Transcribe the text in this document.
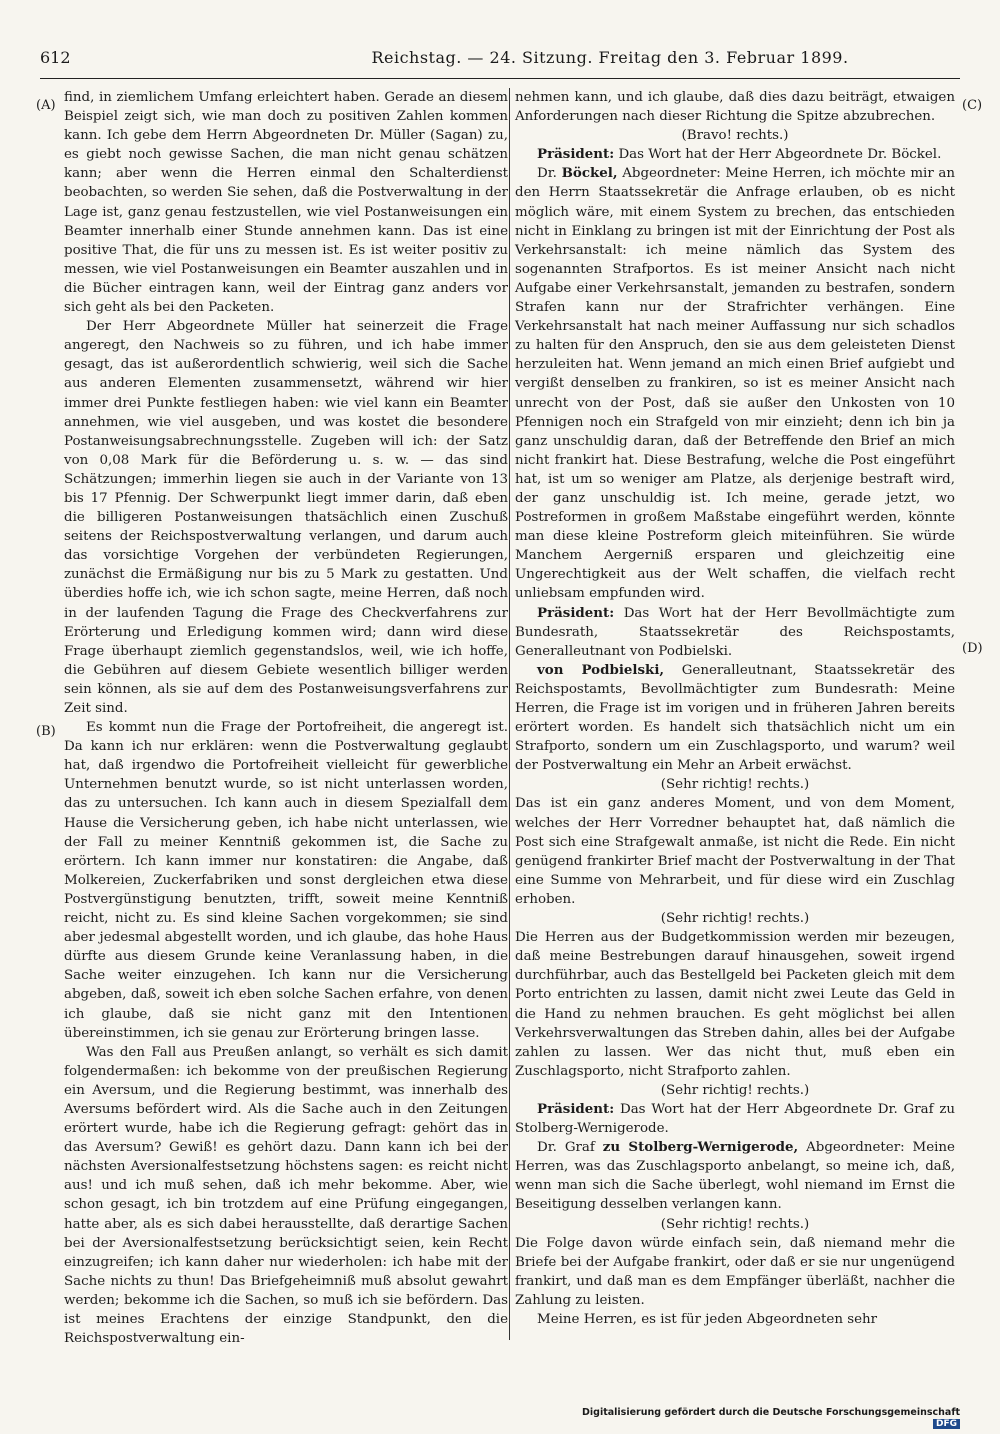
612	Reichstag. — 24. Sitzung. Freitag den 3. Februar 1899.
(A)
(B)
(C)
(D)

find, in ziemlichem Umfang erleichtert haben. Gerade an diesem Beispiel zeigt sich, wie man doch zu positiven Zahlen kommen kann. Ich gebe dem Herrn Abgeordneten Dr. Müller (Sagan) zu, es giebt noch gewisse Sachen, die man nicht genau schätzen kann; aber wenn die Herren einmal den Schalterdienst beobachten, so werden Sie sehen, daß die Postverwaltung in der Lage ist, ganz genau festzustellen, wie viel Postanweisungen ein Beamter innerhalb einer Stunde annehmen kann. Das ist eine positive That, die für uns zu messen ist. Es ist weiter positiv zu messen, wie viel Postanweisungen ein Beamter auszahlen und in die Bücher eintragen kann, weil der Eintrag ganz anders vor sich geht als bei den Packeten.

Der Herr Abgeordnete Müller hat seinerzeit die Frage angeregt, den Nachweis so zu führen, und ich habe immer gesagt, das ist außerordentlich schwierig, weil sich die Sache aus anderen Elementen zusammensetzt, während wir hier immer drei Punkte festliegen haben: wie viel kann ein Beamter annehmen, wie viel ausgeben, und was kostet die besondere Postanweisungsabrechnungsstelle. Zugeben will ich: der Satz von 0,08 Mark für die Beförderung u. s. w. — das sind Schätzungen; immerhin liegen sie auch in der Variante von 13 bis 17 Pfennig. Der Schwerpunkt liegt immer darin, daß eben die billigeren Postanweisungen thatsächlich einen Zuschuß seitens der Reichspostverwaltung verlangen, und darum auch das vorsichtige Vorgehen der verbündeten Regierungen, zunächst die Ermäßigung nur bis zu 5 Mark zu gestatten. Und überdies hoffe ich, wie ich schon sagte, meine Herren, daß noch in der laufenden Tagung die Frage des Checkverfahrens zur Erörterung und Erledigung kommen wird; dann wird diese Frage überhaupt ziemlich gegenstandslos, weil, wie ich hoffe, die Gebühren auf diesem Gebiete wesentlich billiger werden sein können, als sie auf dem des Postanweisungsverfahrens zur Zeit sind.

Es kommt nun die Frage der Portofreiheit, die angeregt ist. Da kann ich nur erklären: wenn die Postverwaltung geglaubt hat, daß irgendwo die Portofreiheit vielleicht für gewerbliche Unternehmen benutzt wurde, so ist nicht unterlassen worden, das zu untersuchen. Ich kann auch in diesem Spezialfall dem Hause die Versicherung geben, ich habe nicht unterlassen, wie der Fall zu meiner Kenntniß gekommen ist, die Sache zu erörtern. Ich kann immer nur konstatiren: die Angabe, daß Molkereien, Zuckerfabriken und sonst dergleichen etwa diese Postvergünstigung benutzten, trifft, soweit meine Kenntniß reicht, nicht zu. Es sind kleine Sachen vorgekommen; sie sind aber jedesmal abgestellt worden, und ich glaube, das hohe Haus dürfte aus diesem Grunde keine Veranlassung haben, in die Sache weiter einzugehen. Ich kann nur die Versicherung abgeben, daß, soweit ich eben solche Sachen erfahre, von denen ich glaube, daß sie nicht ganz mit den Intentionen übereinstimmen, ich sie genau zur Erörterung bringen lasse.

Was den Fall aus Preußen anlangt, so verhält es sich damit folgendermaßen: ich bekomme von der preußischen Regierung ein Aversum, und die Regierung bestimmt, was innerhalb des Aversums befördert wird. Als die Sache auch in den Zeitungen erörtert wurde, habe ich die Regierung gefragt: gehört das in das Aversum? Gewiß! es gehört dazu. Dann kann ich bei der nächsten Aversionalfestsetzung höchstens sagen: es reicht nicht aus! und ich muß sehen, daß ich mehr bekomme. Aber, wie schon gesagt, ich bin trotzdem auf eine Prüfung eingegangen, hatte aber, als es sich dabei herausstellte, daß derartige Sachen bei der Aversionalfestsetzung berücksichtigt seien, kein Recht einzugreifen; ich kann daher nur wiederholen: ich habe mit der Sache nichts zu thun! Das Briefgeheimniß muß absolut gewahrt werden; bekomme ich die Sachen, so muß ich sie befördern. Das ist meines Erachtens der einzige Standpunkt, den die Reichspostverwaltung ein-

nehmen kann, und ich glaube, daß dies dazu beiträgt, etwaigen Anforderungen nach dieser Richtung die Spitze abzubrechen.

(Bravo! rechts.)

Präsident: Das Wort hat der Herr Abgeordnete Dr. Böckel.

Dr. Böckel, Abgeordneter: Meine Herren, ich möchte mir an den Herrn Staatssekretär die Anfrage erlauben, ob es nicht möglich wäre, mit einem System zu brechen, das entschieden nicht in Einklang zu bringen ist mit der Einrichtung der Post als Verkehrsanstalt: ich meine nämlich das System des sogenannten Strafportos. Es ist meiner Ansicht nach nicht Aufgabe einer Verkehrsanstalt, jemanden zu bestrafen, sondern Strafen kann nur der Strafrichter verhängen. Eine Verkehrsanstalt hat nach meiner Auffassung nur sich schadlos zu halten für den Anspruch, den sie aus dem geleisteten Dienst herzuleiten hat. Wenn jemand an mich einen Brief aufgiebt und vergißt denselben zu frankiren, so ist es meiner Ansicht nach unrecht von der Post, daß sie außer den Unkosten von 10 Pfennigen noch ein Strafgeld von mir einzieht; denn ich bin ja ganz unschuldig daran, daß der Betreffende den Brief an mich nicht frankirt hat. Diese Bestrafung, welche die Post eingeführt hat, ist um so weniger am Platze, als derjenige bestraft wird, der ganz unschuldig ist. Ich meine, gerade jetzt, wo Postreformen in großem Maßstabe eingeführt werden, könnte man diese kleine Postreform gleich miteinführen. Sie würde Manchem Aergerniß ersparen und gleichzeitig eine Ungerechtigkeit aus der Welt schaffen, die vielfach recht unliebsam empfunden wird.

Präsident: Das Wort hat der Herr Bevollmächtigte zum Bundesrath, Staatssekretär des Reichspostamts, Generalleutnant von Podbielski.

von Podbielski, Generalleutnant, Staatssekretär des Reichspostamts, Bevollmächtigter zum Bundesrath: Meine Herren, die Frage ist im vorigen und in früheren Jahren bereits erörtert worden. Es handelt sich thatsächlich nicht um ein Strafporto, sondern um ein Zuschlagsporto, und warum? weil der Postverwaltung ein Mehr an Arbeit erwächst.

(Sehr richtig! rechts.)

Das ist ein ganz anderes Moment, und von dem Moment, welches der Herr Vorredner behauptet hat, daß nämlich die Post sich eine Strafgewalt anmaße, ist nicht die Rede. Ein nicht genügend frankirter Brief macht der Postverwaltung in der That eine Summe von Mehrarbeit, und für diese wird ein Zuschlag erhoben.

(Sehr richtig! rechts.)

Die Herren aus der Budgetkommission werden mir bezeugen, daß meine Bestrebungen darauf hinausgehen, soweit irgend durchführbar, auch das Bestellgeld bei Packeten gleich mit dem Porto entrichten zu lassen, damit nicht zwei Leute das Geld in die Hand zu nehmen brauchen. Es geht möglichst bei allen Verkehrsverwaltungen das Streben dahin, alles bei der Aufgabe zahlen zu lassen. Wer das nicht thut, muß eben ein Zuschlagsporto, nicht Strafporto zahlen.

(Sehr richtig! rechts.)

Präsident: Das Wort hat der Herr Abgeordnete Dr. Graf zu Stolberg-Wernigerode.

Dr. Graf zu Stolberg-Wernigerode, Abgeordneter: Meine Herren, was das Zuschlagsporto anbelangt, so meine ich, daß, wenn man sich die Sache überlegt, wohl niemand im Ernst die Beseitigung desselben verlangen kann.

(Sehr richtig! rechts.)

Die Folge davon würde einfach sein, daß niemand mehr die Briefe bei der Aufgabe frankirt, oder daß er sie nur ungenügend frankirt, und daß man es dem Empfänger überläßt, nachher die Zahlung zu leisten.

Meine Herren, es ist für jeden Abgeordneten sehr

Digitalisierung gefördert durch die Deutsche ForschungsgemeinschaftDFG
